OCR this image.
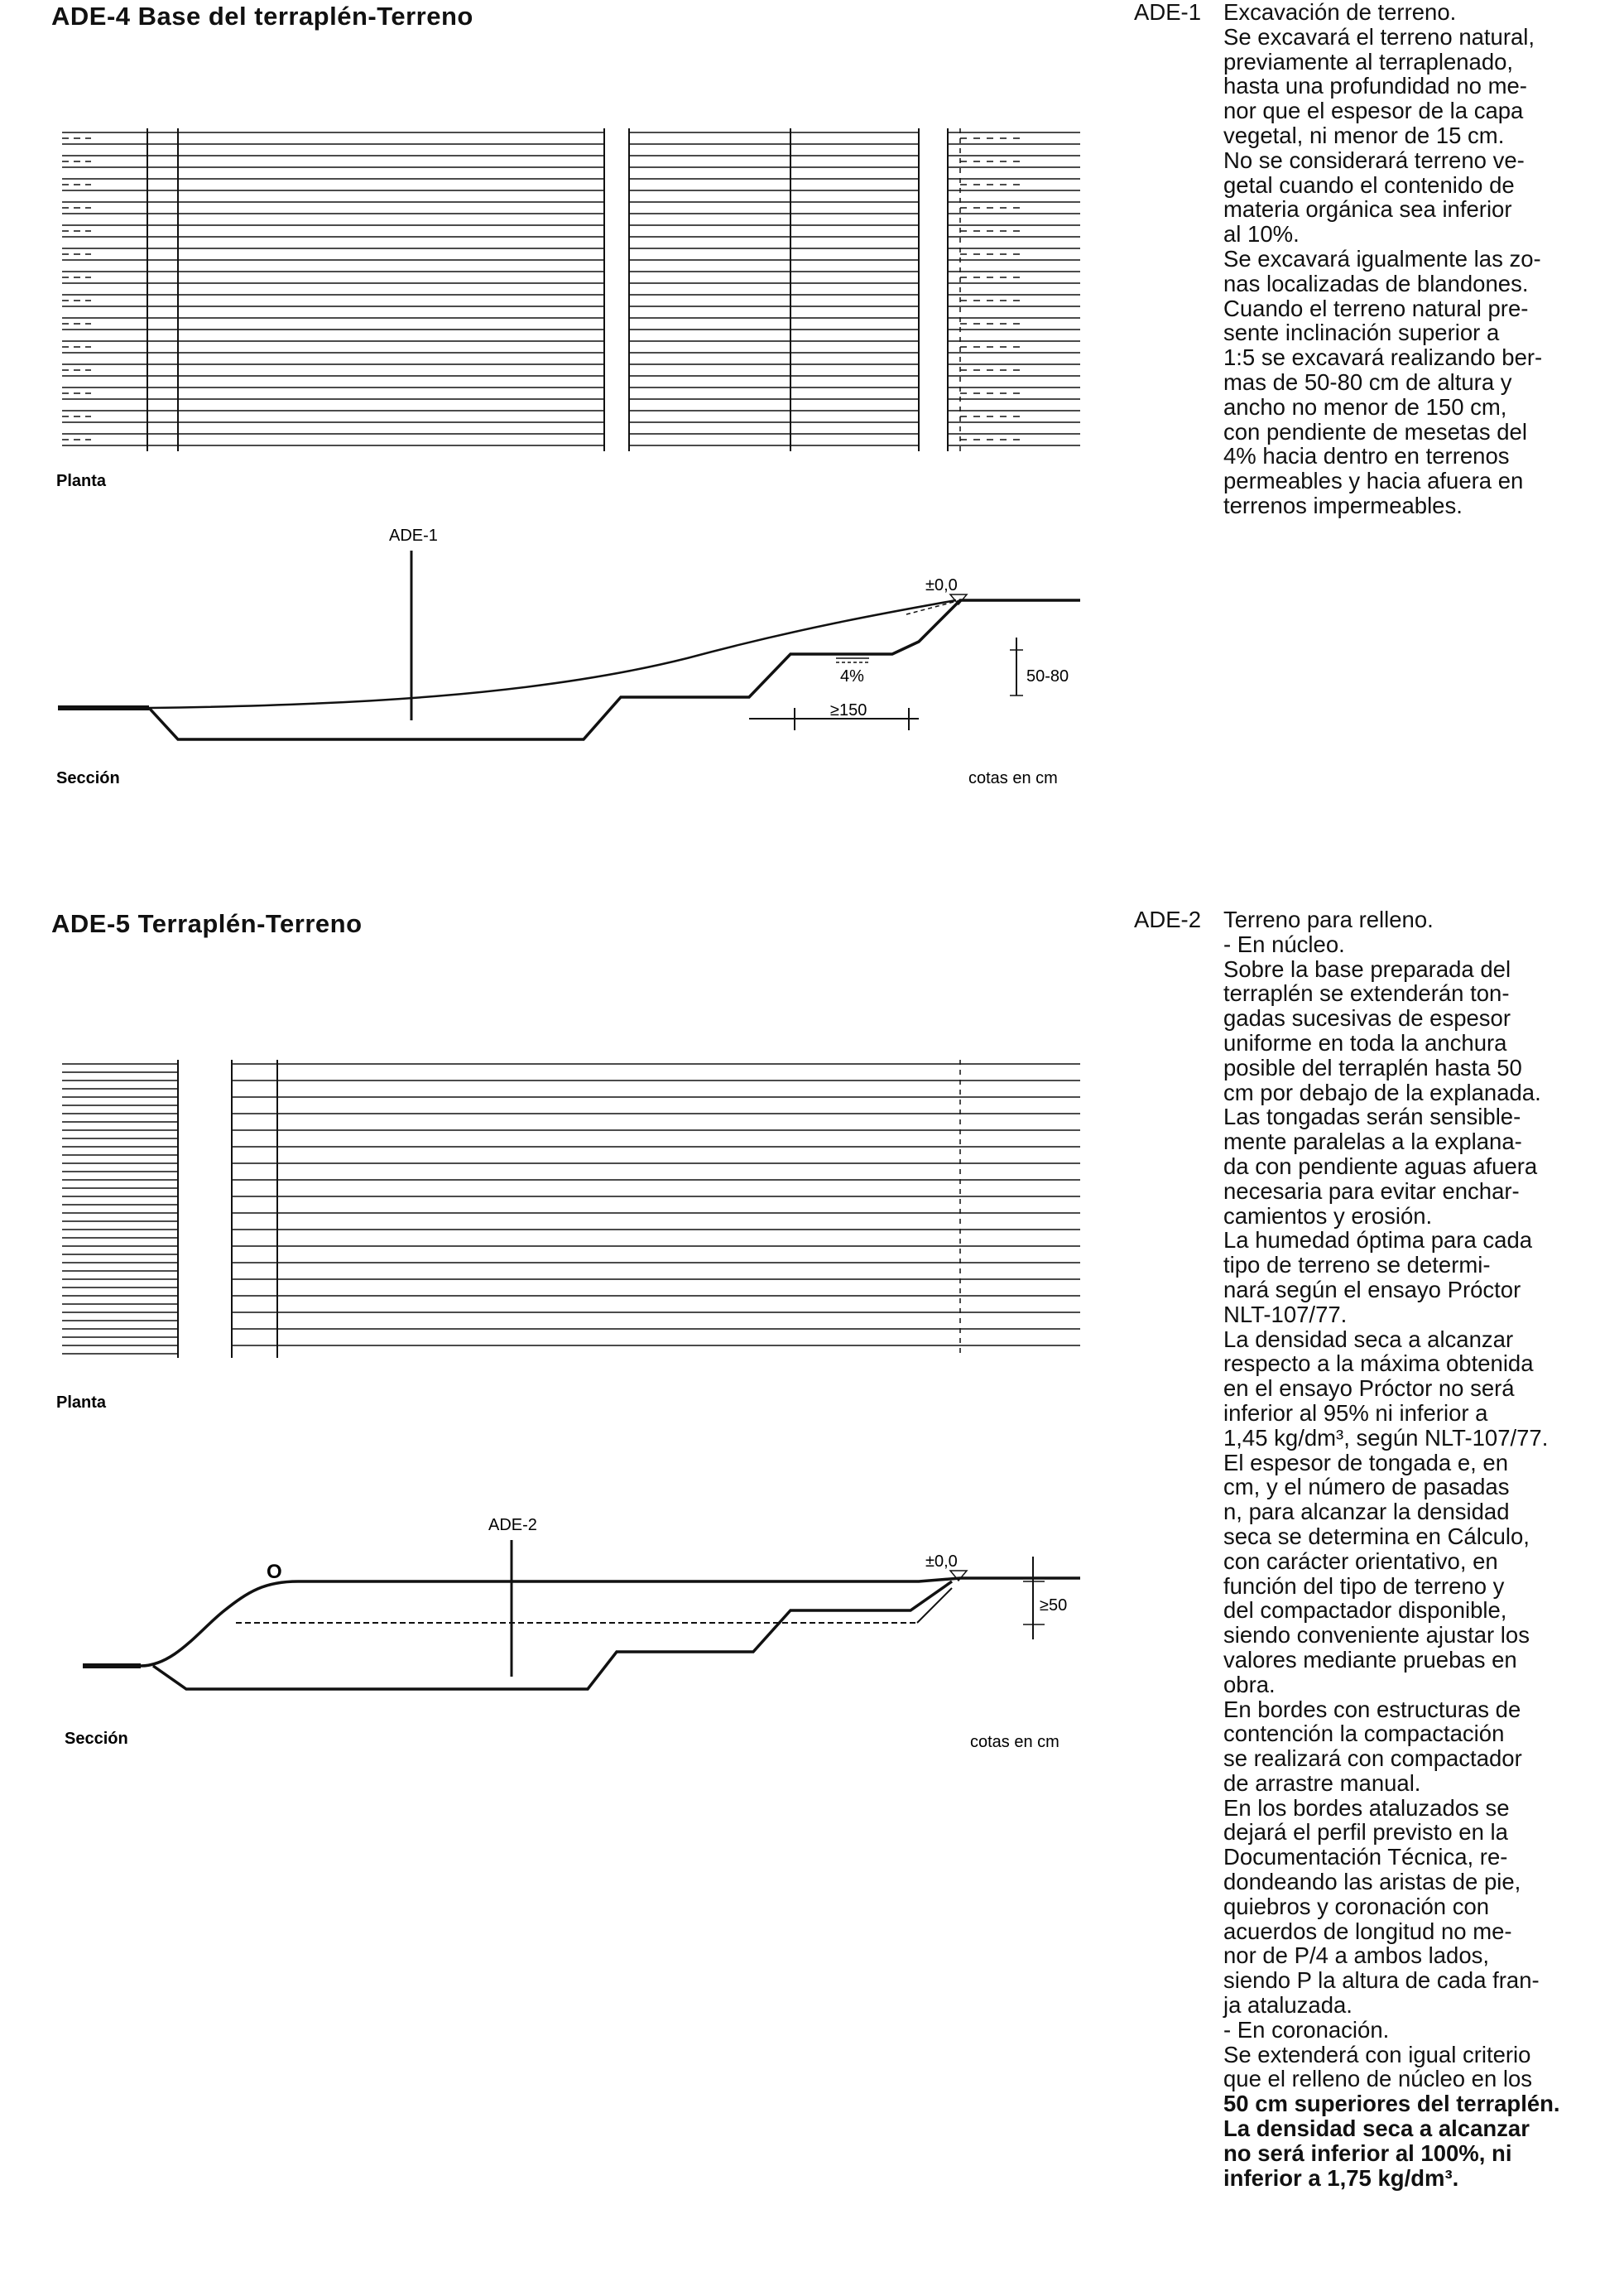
ADE-4 Base del terraplén-Terreno
Planta
ADE-1
±0,0
4%	50-80
≥150
Sección	cotas en cm
ADE-5 Terraplén-Terreno
Planta
ADE-2
O	±0,0
≥50
Sección	cotas en cm
ADE-1 Excavación de terreno.
Se excavará el terreno natural,
previamente al terraplenado,
hasta una profundidad no me-
nor que el espesor de la capa
vegetal, ni menor de 15 cm.
No se considerará terreno ve-
getal cuando el contenido de
materia orgánica sea inferior
al 10%.
Se excavará igualmente las zo-
nas localizadas de blandones.
Cuando el terreno natural pre-
sente inclinación superior a
1:5 se excavará realizando ber-
mas de 50-80 cm de altura y
ancho no menor de 150 cm,
con pendiente de mesetas del
4% hacia dentro en terrenos
permeables y hacia afuera en
terrenos impermeables.
ADE-2 Terreno para relleno.
- En núcleo.
Sobre la base preparada del
terraplén se extenderán ton-
gadas sucesivas de espesor
uniforme en toda la anchura
posible del terraplén hasta 50
cm por debajo de la explanada.
Las tongadas serán sensible-
mente paralelas a la explana-
da con pendiente aguas afuera
necesaria para evitar enchar-
camientos y erosión.
La humedad óptima para cada
tipo de terreno se determi-
nará según el ensayo Próctor
NLT-107/77.
La densidad seca a alcanzar
respecto a la máxima obtenida
en el ensayo Próctor no será
inferior al 95% ni inferior a
1,45 kg/dm³, según NLT-107/77.
El espesor de tongada e, en
cm, y el número de pasadas
n, para alcanzar la densidad
seca se determina en Cálculo,
con carácter orientativo, en
función del tipo de terreno y
del compactador disponible,
siendo conveniente ajustar los
valores mediante pruebas en
obra.
En bordes con estructuras de
contención la compactación
se realizará con compactador
de arrastre manual.
En los bordes ataluzados se
dejará el perfil previsto en la
Documentación Técnica, re-
dondeando las aristas de pie,
quiebros y coronación con
acuerdos de longitud no me-
nor de P/4 a ambos lados,
siendo P la altura de cada fran-
ja ataluzada.
- En coronación.
Se extenderá con igual criterio
que el relleno de núcleo en los
50 cm superiores del terraplén.
La densidad seca a alcanzar
no será inferior al 100%, ni
inferior a 1,75 kg/dm³.
